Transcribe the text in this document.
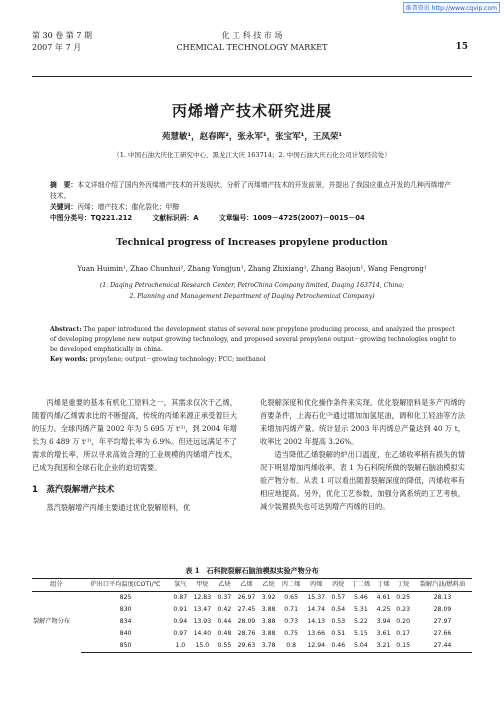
维普资讯 http://www.cqvip.com
第 30 卷 第 7 期
2007 年 7 月
化 工 科 技 市 场
CHEMICAL TECHNOLOGY MARKET	15
丙烯增产技术研究进展
苑慧敏¹，赵春晖²，张永军¹，张宝军¹，王凤荣¹
（1. 中国石油大庆化工研究中心，黑龙江大庆 163714；2. 中国石油大庆石化公司计划经营处）
摘　要：本文详细介绍了国内外丙烯增产技术的开发现状，分析了丙烯增产技术的开发前景，并提出了我国应重点开发的几种丙烯增产技术。
关键词：丙烯；增产技术；催化裂化；甲醇
中图分类号：TQ221.212	文献标识码：A	文章编号：1009－4725(2007)－0015－04
Technical progress of Increases propylene production
Yuan Huimin¹, Zhao Chunhui², Zhang Yongjun¹, Zhang Zhixiang¹, Zhang Baojun¹, Wang Fengrong¹
(1. Daqing Petrochemical Research Center, PetroChina Company limited, Daqing 163714, China;
2. Planning and Management Department of Daqing Petrochemical Company)
Abstract: The paper introduced the development status of several new propylene producing process, and analyzed the prospect of developing propylene new output growing technology, and proposed several propylene output－growing technologies ought to be developed emphatically in china.
Key words: propylene; output－growing technology; FCC; methanol

丙烯是重要的基本有机化工原料之一，其需求仅次于乙烯，随着丙烯/乙烯需求比的不断提高，传统的丙烯来源正承受着巨大的压力。全球丙烯产量 2002 年为 5 695 万 t⁽¹⁾，到 2004 年增长为 6 489 万 t⁽¹⁾，年平均增长率为 6.9%。但还远远满足不了需求的增长率，所以寻求高效合理的工业规模的丙烯增产技术，已成为我国和全球石化企业的迫切需要。

1　蒸汽裂解增产技术

蒸汽裂解增产丙烯主要通过优化裂解原料，优

化裂解深度和优化操作条件来实现。优化裂解原料是多产丙烯的首要条件，上海石化⁽³⁾通过增加加氢尾油，调和化工轻油等方法来增加丙烯产量。统计显示 2003 年丙烯总产量达到 40 万 t，收率比 2002 年提高 3.26%。

适当降低乙烯裂解的炉出口温度，在乙烯收率稍有损失的情况下明显增加丙烯收率。表 1 为石科院所做的裂解石脑油模拟实验产物分布。从表 1 可以看出随着裂解深度的降低，丙烯收率有相应地提高。另外，优化工艺参数，加强分离系统的工艺考核，减少装置损失也可达到增产丙烯的目的。

表 1　石科院裂解石脑油模拟实验产物分布
组分	炉出口平均温度(COT)/℃	氢气	甲烷	乙炔	乙烯	乙烷	丙二烯	丙烯	丙烷	丁二烯	丁烯	丁烷	裂解汽油/燃料油
裂解产物分布	825	0.87	12.83	0.37	26.97	3.92	0.65	15.37	0.57	5.46	4.61	0.25	28.13
	830	0.91	13.47	0.42	27.45	3.88	0.71	14.74	0.54	5.31	4.25	0.23	28.09
	834	0.94	13.93	0.44	28.09	3.88	0.73	14.13	0.53	5.22	3.94	0.20	27.97
	840	0.97	14.40	0.48	28.76	3.88	0.75	13.66	0.51	5.15	3.61	0.17	27.66
	850	1.0	15.0	0.55	29.63	3.78	0.8	12.94	0.46	5.04	3.21	0.15	27.44
